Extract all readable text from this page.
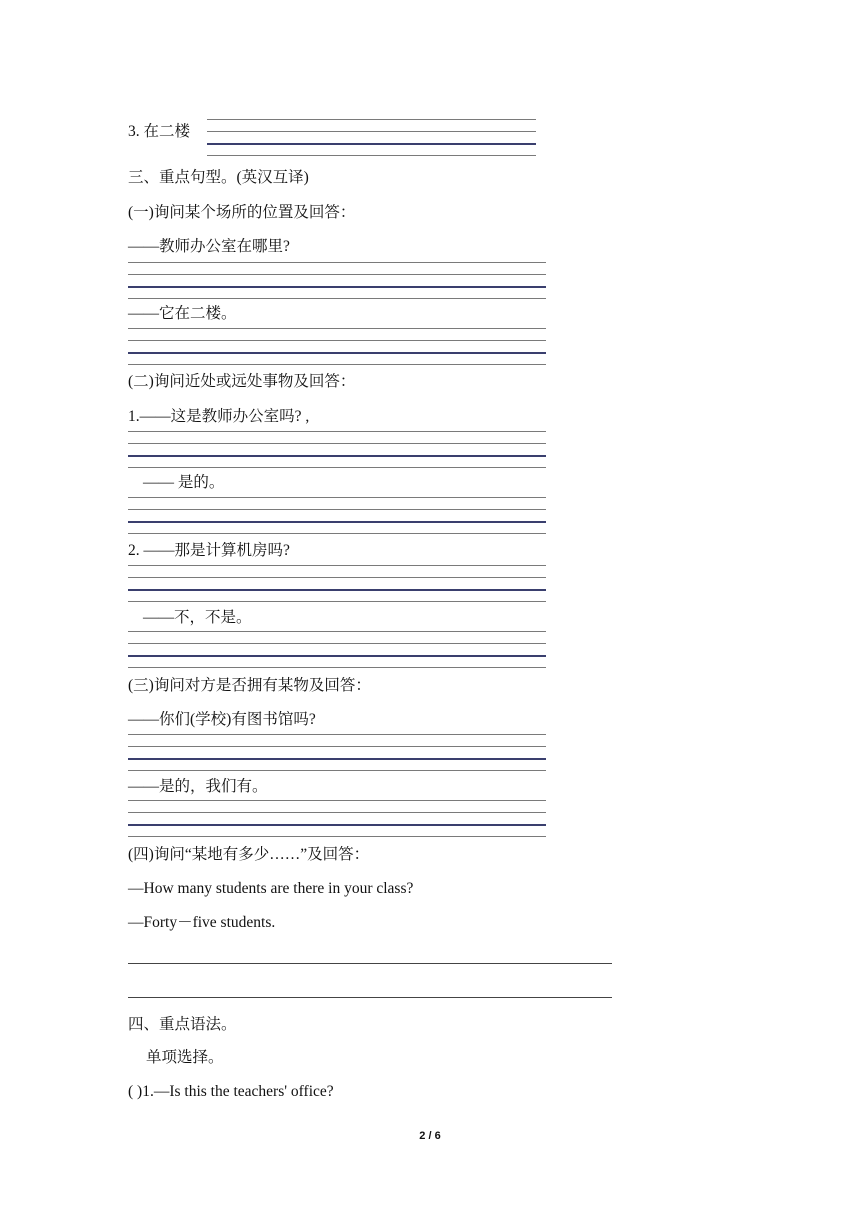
3. 在二楼
三、重点句型。(英汉互译)
(一)询问某个场所的位置及回答：
——教师办公室在哪里?
——它在二楼。
(二)询问近处或远处事物及回答：
1.——这是教师办公室吗? ,
—— 是的。
2. ——那是计算机房吗?
——不，不是。
(三)询问对方是否拥有某物及回答：
——你们(学校)有图书馆吗?
——是的，我们有。
(四)询问“某地有多少……”及回答：
—How many students are there in your class?
—Forty－five students.
四、重点语法。
单项选择。
( )1.—Is this the teachers' office?
2 / 6
